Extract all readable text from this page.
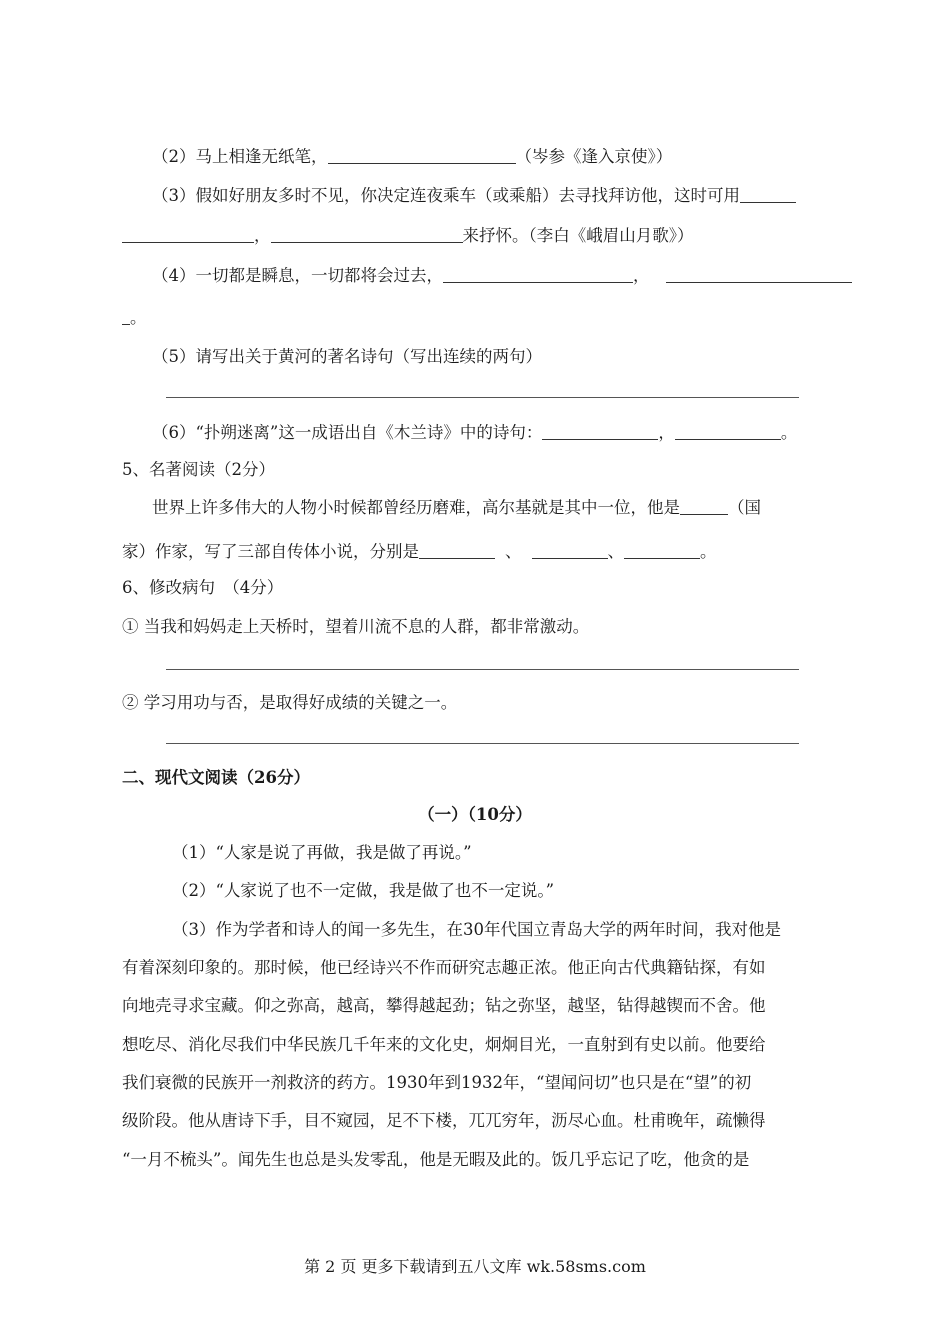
（2）马上相逢无纸笔，	（岑参《逢入京使》）
（3）假如好朋友多时不见，你决定连夜乘车（或乘船）去寻找拜访他，这时可用
，	来抒怀。（李白《峨眉山月歌》）
（4）一切都是瞬息，一切都将会过去，	，
。
（5）请写出关于黄河的著名诗句（写出连续的两句）
（6）“扑朔迷离”这一成语出自《木兰诗》中的诗句：	，	。
5、名著阅读（2分）
世界上许多伟大的人物小时候都曾经历磨难，高尔基就是其中一位，他是	（国
家）作家，写了三部自传体小说，分别是	、	、	。
6、修改病句　（4分）
① 当我和妈妈走上天桥时，望着川流不息的人群，都非常激动。
② 学习用功与否，是取得好成绩的关键之一。
二、现代文阅读（26分）
（一）（10分）
（1）“人家是说了再做，我是做了再说。”
（2）“人家说了也不一定做，我是做了也不一定说。”
（3）作为学者和诗人的闻一多先生，在30年代国立青岛大学的两年时间，我对他是
有着深刻印象的。那时候，他已经诗兴不作而研究志趣正浓。他正向古代典籍钻探，有如
向地壳寻求宝藏。仰之弥高，越高，攀得越起劲；钻之弥坚，越坚，钻得越锲而不舍。他
想吃尽、消化尽我们中华民族几千年来的文化史，炯炯目光，一直射到有史以前。他要给
我们衰微的民族开一剂救济的药方。1930年到1932年，“望闻问切”也只是在“望”的初
级阶段。他从唐诗下手，目不窥园，足不下楼，兀兀穷年，沥尽心血。杜甫晚年，疏懒得
“一月不梳头”。闻先生也总是头发零乱，他是无暇及此的。饭几乎忘记了吃，他贪的是
第 2 页 更多下载请到五八文库 wk.58sms.com
